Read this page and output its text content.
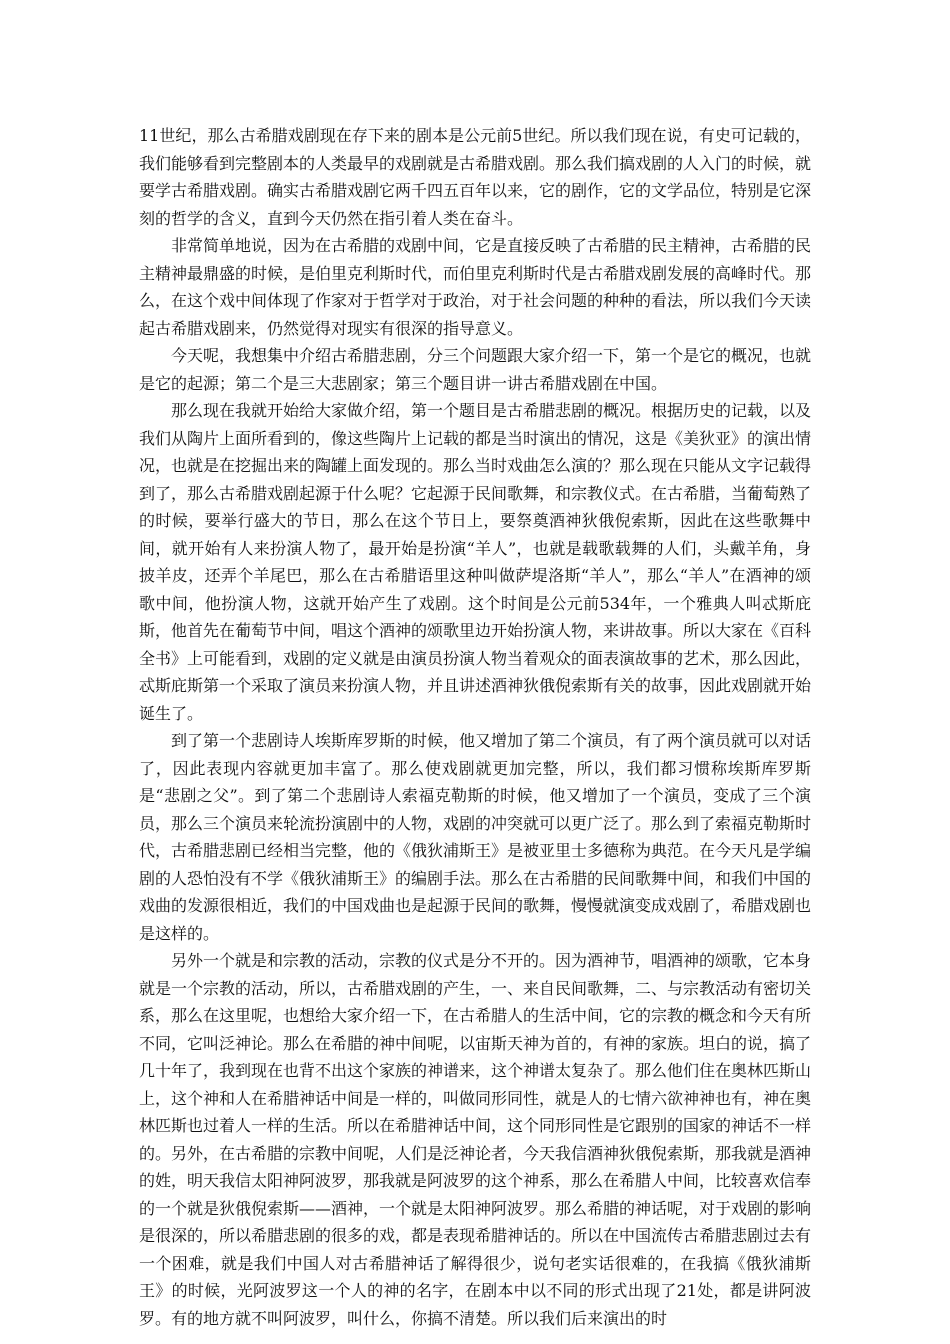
11世纪，那么古希腊戏剧现在存下来的剧本是公元前5世纪。所以我们现在说，有史可记载的，我们能够看到完整剧本的人类最早的戏剧就是古希腊戏剧。那么我们搞戏剧的人入门的时候，就要学古希腊戏剧。确实古希腊戏剧它两千四五百年以来，它的剧作，它的文学品位，特别是它深刻的哲学的含义，直到今天仍然在指引着人类在奋斗。

非常简单地说，因为在古希腊的戏剧中间，它是直接反映了古希腊的民主精神，古希腊的民主精神最鼎盛的时候，是伯里克利斯时代，而伯里克利斯时代是古希腊戏剧发展的高峰时代。那么，在这个戏中间体现了作家对于哲学对于政治，对于社会问题的种种的看法，所以我们今天读起古希腊戏剧来，仍然觉得对现实有很深的指导意义。

今天呢，我想集中介绍古希腊悲剧，分三个问题跟大家介绍一下，第一个是它的概况，也就是它的起源；第二个是三大悲剧家；第三个题目讲一讲古希腊戏剧在中国。

那么现在我就开始给大家做介绍，第一个题目是古希腊悲剧的概况。根据历史的记载，以及我们从陶片上面所看到的，像这些陶片上记载的都是当时演出的情况，这是《美狄亚》的演出情况，也就是在挖掘出来的陶罐上面发现的。那么当时戏曲怎么演的？那么现在只能从文字记载得到了，那么古希腊戏剧起源于什么呢？它起源于民间歌舞，和宗教仪式。在古希腊，当葡萄熟了的时候，要举行盛大的节日，那么在这个节日上，要祭奠酒神狄俄倪索斯，因此在这些歌舞中间，就开始有人来扮演人物了，最开始是扮演“羊人”，也就是载歌载舞的人们，头戴羊角，身披羊皮，还弄个羊尾巴，那么在古希腊语里这种叫做萨堤洛斯“羊人”，那么“羊人”在酒神的颂歌中间，他扮演人物，这就开始产生了戏剧。这个时间是公元前534年，一个雅典人叫忒斯庇斯，他首先在葡萄节中间，唱这个酒神的颂歌里边开始扮演人物，来讲故事。所以大家在《百科全书》上可能看到，戏剧的定义就是由演员扮演人物当着观众的面表演故事的艺术，那么因此，忒斯庇斯第一个采取了演员来扮演人物，并且讲述酒神狄俄倪索斯有关的故事，因此戏剧就开始诞生了。

到了第一个悲剧诗人埃斯库罗斯的时候，他又增加了第二个演员，有了两个演员就可以对话了，因此表现内容就更加丰富了。那么使戏剧就更加完整，所以，我们都习惯称埃斯库罗斯是“悲剧之父”。到了第二个悲剧诗人索福克勒斯的时候，他又增加了一个演员，变成了三个演员，那么三个演员来轮流扮演剧中的人物，戏剧的冲突就可以更广泛了。那么到了索福克勒斯时代，古希腊悲剧已经相当完整，他的《俄狄浦斯王》是被亚里士多德称为典范。在今天凡是学编剧的人恐怕没有不学《俄狄浦斯王》的编剧手法。那么在古希腊的民间歌舞中间，和我们中国的戏曲的发源很相近，我们的中国戏曲也是起源于民间的歌舞，慢慢就演变成戏剧了，希腊戏剧也是这样的。

另外一个就是和宗教的活动，宗教的仪式是分不开的。因为酒神节，唱酒神的颂歌，它本身就是一个宗教的活动，所以，古希腊戏剧的产生，一、来自民间歌舞，二、与宗教活动有密切关系，那么在这里呢，也想给大家介绍一下，在古希腊人的生活中间，它的宗教的概念和今天有所不同，它叫泛神论。那么在希腊的神中间呢，以宙斯天神为首的，有神的家族。坦白的说，搞了几十年了，我到现在也背不出这个家族的神谱来，这个神谱太复杂了。那么他们住在奥林匹斯山上，这个神和人在希腊神话中间是一样的，叫做同形同性，就是人的七情六欲神神也有，神在奥林匹斯也过着人一样的生活。所以在希腊神话中间，这个同形同性是它跟别的国家的神话不一样的。另外，在古希腊的宗教中间呢，人们是泛神论者，今天我信酒神狄俄倪索斯，那我就是酒神的姓，明天我信太阳神阿波罗，那我就是阿波罗的这个神系，那么在希腊人中间，比较喜欢信奉的一个就是狄俄倪索斯——酒神，一个就是太阳神阿波罗。那么希腊的神话呢，对于戏剧的影响是很深的，所以希腊悲剧的很多的戏，都是表现希腊神话的。所以在中国流传古希腊悲剧过去有一个困难，就是我们中国人对古希腊神话了解得很少，说句老实话很难的，在我搞《俄狄浦斯王》的时候，光阿波罗这一个人的神的名字，在剧本中以不同的形式出现了21处，都是讲阿波罗。有的地方就不叫阿波罗，叫什么，你搞不清楚。所以我们后来演出的时
